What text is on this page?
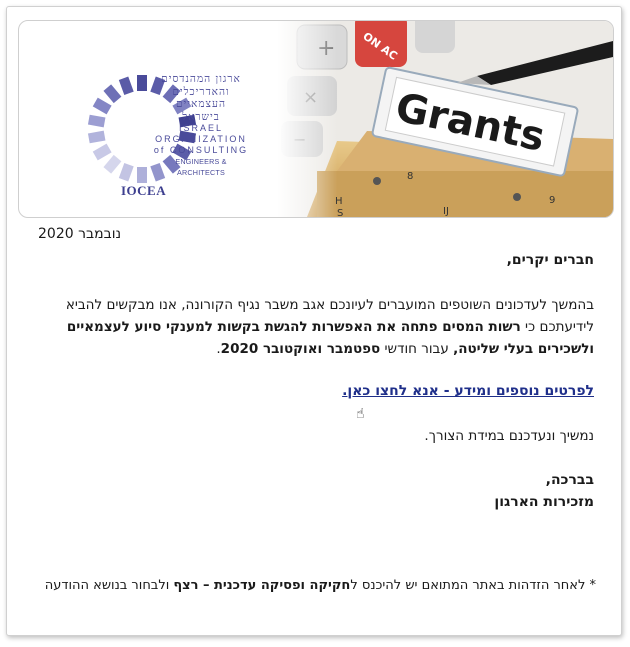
ארגון המהנדסים
והאדריכלים
העצמאיים
בישראל
ISRAEL
ORGANIZATION
of CONSULTING
ENGINEERS & ARCHITECTS
IOCEA
נובמבר 2020
חברים יקרים,
בהמשך לעדכונים השוטפים המועברים לעיונכם אגב משבר נגיף הקורונה, אנו מבקשים להביא
לידיעתכם כי רשות המסים פתחה את האפשרות להגשת בקשות למענקי סיוע לעצמאיים
ולשכירים בעלי שליטה, עבור חודשי ספטמבר ואוקטובר 2020.
לפרטים נוספים ומידע - אנא לחצו כאן.
☝
נמשיך ונעדכנם במידת הצורך.
בברכה,
מזכירות הארגון
* לאחר הזדהות באתר המתואם יש להיכנס לחקיקה ופסיקה עדכנית – רצף ולבחור בנושא ההודעה
